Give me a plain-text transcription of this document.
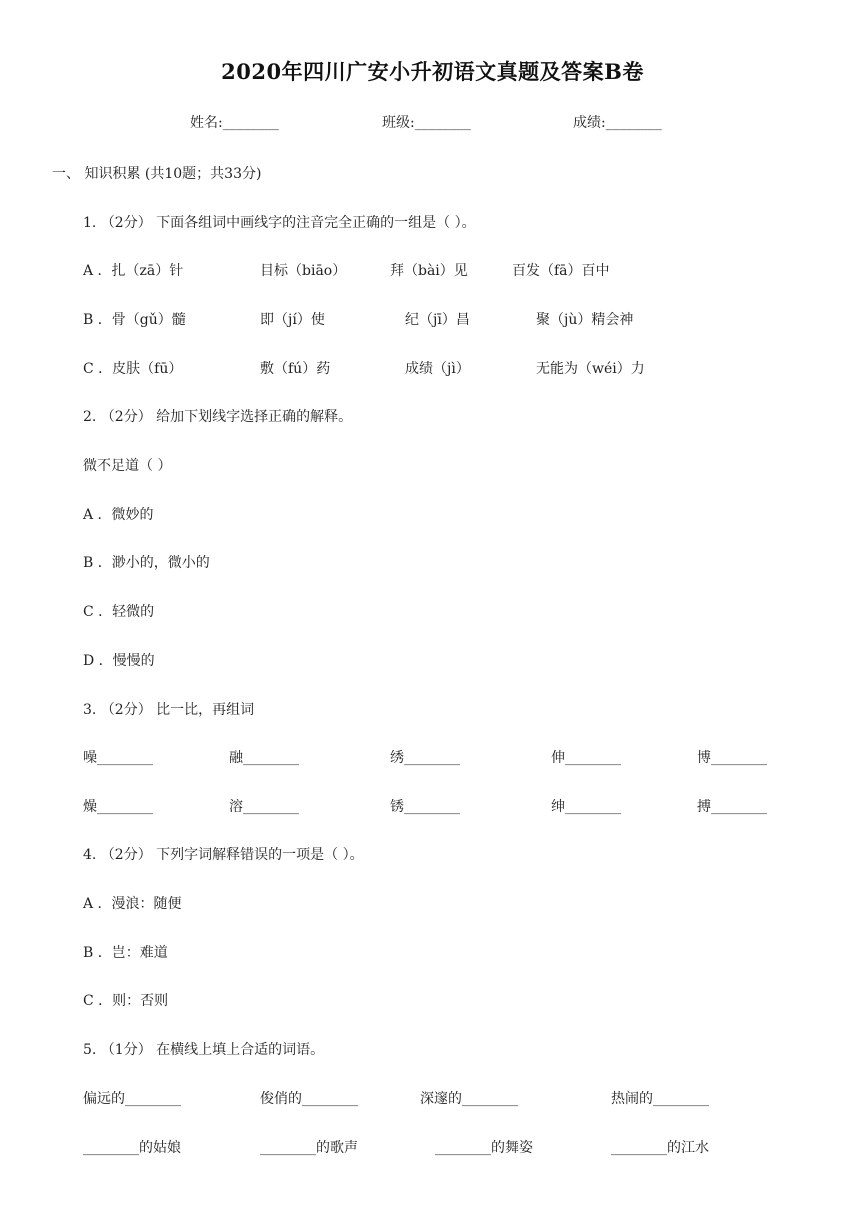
2020年四川广安小升初语文真题及答案B卷
姓名:________	班级:________	成绩:________
一、 知识积累 (共10题；共33分)
1. （2分） 下面各组词中画线字的注音完全正确的一组是（ ）。
A ．扎（zā）针	目标（biāo）	拜（bài）见	百发（fā）百中
B ．骨（gǔ）髓	即（jí）使	纪（jī）昌	聚（jù）精会神
C ．皮肤（fū）	敷（fú）药	成绩（jì）	无能为（wéi）力
2. （2分） 给加下划线字选择正确的解释。
微不足道（ ）
A ．微妙的
B ．渺小的，微小的
C ．轻微的
D ．慢慢的
3. （2分） 比一比，再组词
噪________	融________	绣________	伸________	博________
燥________	溶________	锈________	绅________	搏________
4. （2分） 下列字词解释错误的一项是（ ）。
A ．漫浪：随便
B ．岂：难道
C ．则：否则
5. （1分） 在横线上填上合适的词语。
偏远的________	俊俏的________	深邃的________	热闹的________
________的姑娘	________的歌声	________的舞姿	________的江水
